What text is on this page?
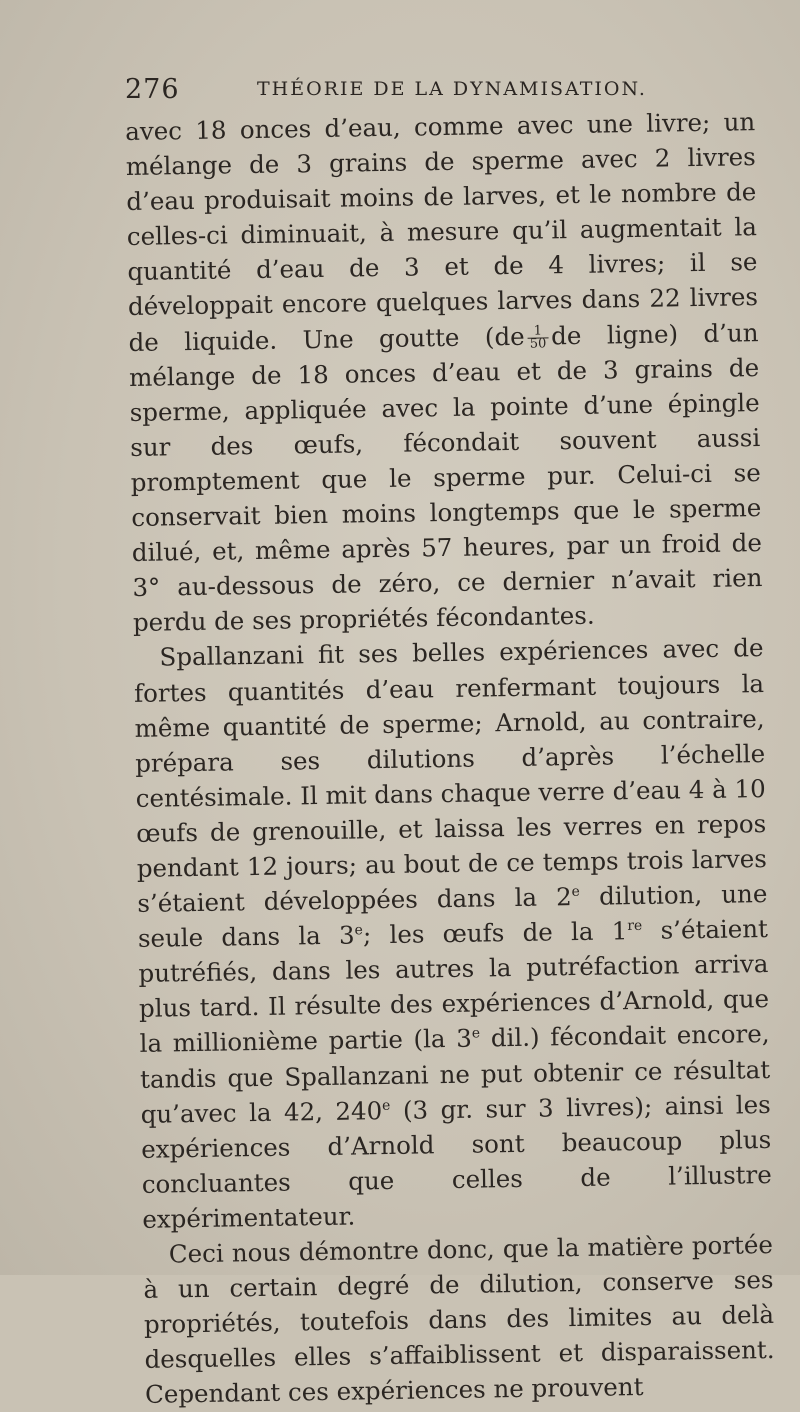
276	THÉORIE DE LA DYNAMISATION.

avec 18 onces d’eau, comme avec une livre; un mélange de 3 grains de sperme avec 2 livres d’eau produisait moins de larves, et le nombre de celles-ci diminuait, à mesure qu’il augmentait la quantité d’eau de 3 et de 4 livres; il se développait encore quelques larves dans 22 livres de liquide. Une goutte ($de \frac{1}{50}$ de ligne) d’un mélange de 18 onces d’eau et de 3 grains de sperme, appliquée avec la pointe d’une épingle sur des œufs, fécondait souvent aussi promptement que le sperme pur. Celui-ci se conservait bien moins longtemps que le sperme dilué, et, même après 57 heures, par un froid de 3° au-dessous de zéro, ce dernier n’avait rien perdu de ses propriétés fécondantes.

Spallanzani fit ses belles expériences avec de fortes quantités d’eau renfermant toujours la même quantité de sperme; Arnold, au contraire, prépara ses dilutions d’après l’échelle centésimale. Il mit dans chaque verre d’eau 4 à 10 œufs de grenouille, et laissa les verres en repos pendant 12 jours; au bout de ce temps trois larves s’étaient développées dans la 2e dilution, une seule dans la 3e; les œufs de la 1re s’étaient putréfiés, dans les autres la putréfaction arriva plus tard. Il résulte des expériences d’Arnold, que la millionième partie (la 3e dil.) fécondait encore, tandis que Spallanzani ne put obtenir ce résultat qu’avec la 42, 240e (3 gr. sur 3 livres); ainsi les expériences d’Arnold sont beaucoup plus concluantes que celles de l’illustre expérimentateur.

Ceci nous démontre donc, que la matière portée à un certain degré de dilution, conserve ses propriétés, toutefois dans des limites au delà desquelles elles s’affaiblissent et disparaissent. Cependant ces expériences ne prouvent
